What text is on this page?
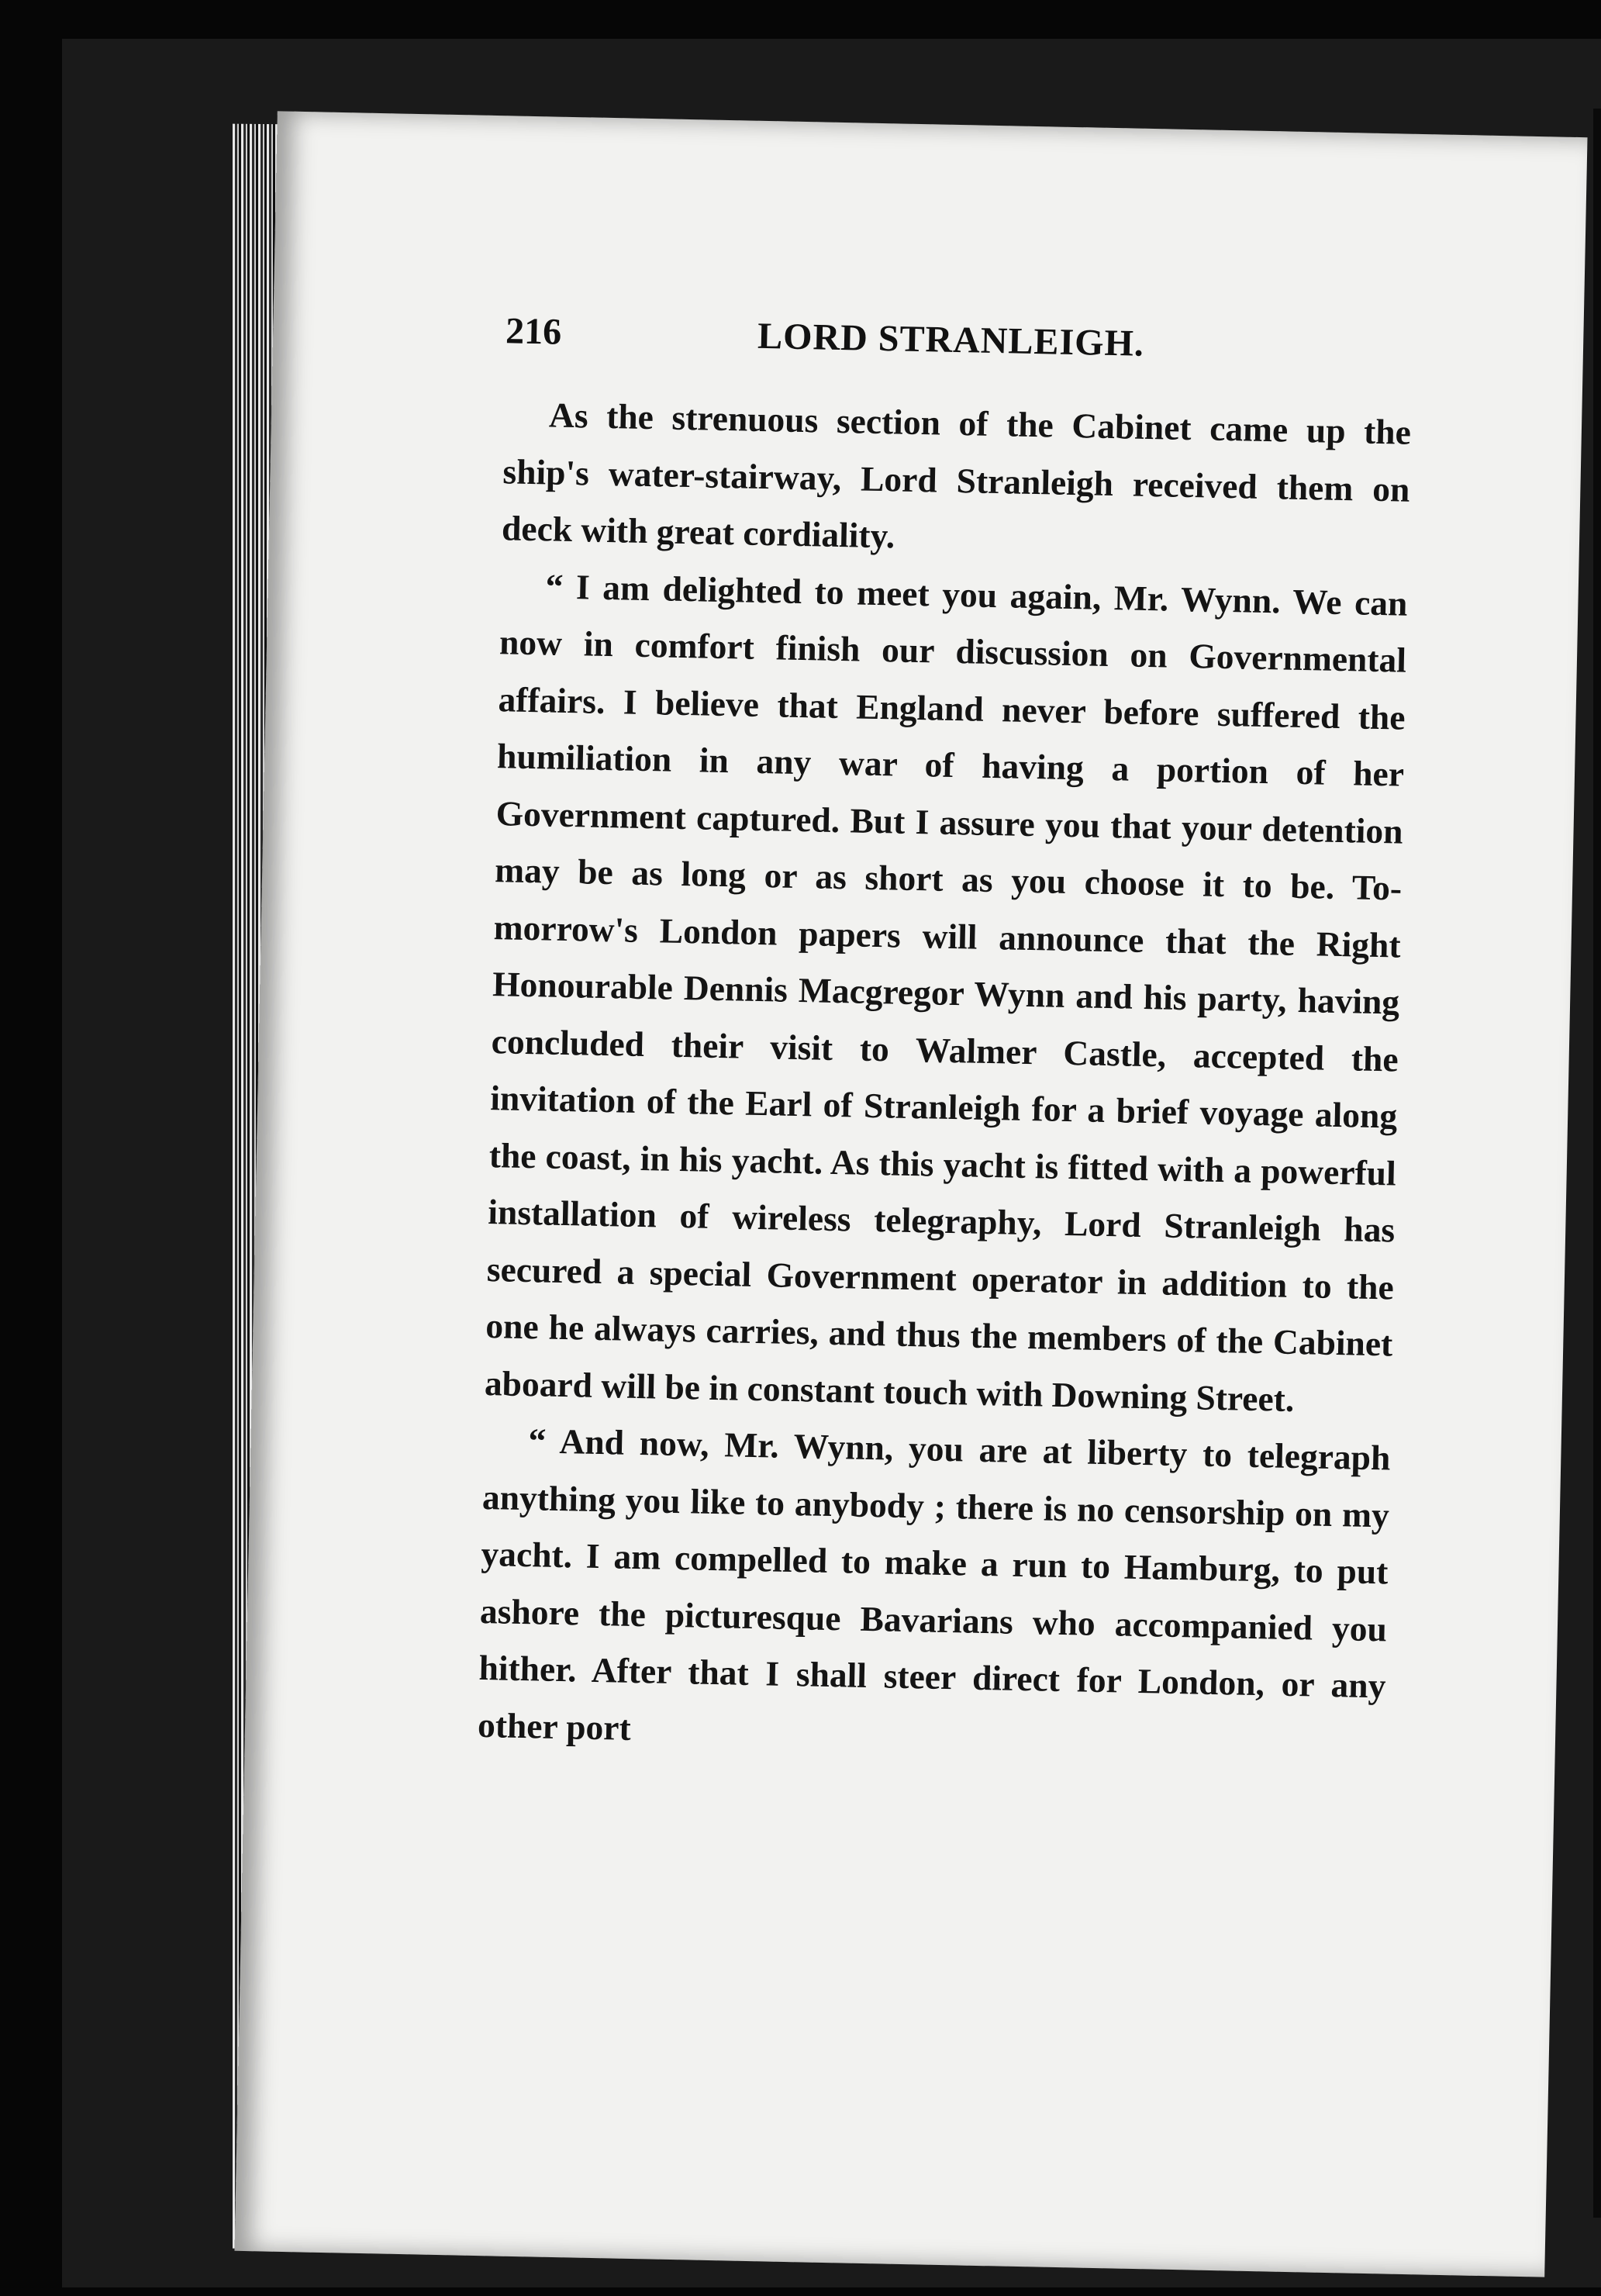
216	LORD STRANLEIGH.

As the strenuous section of the Cabinet came up the ship's water-stairway, Lord Stranleigh received them on deck with great cordiality.

“ I am delighted to meet you again, Mr. Wynn. We can now in comfort finish our discussion on Governmental affairs. I believe that England never before suffered the humiliation in any war of having a portion of her Government captured. But I assure you that your detention may be as long or as short as you choose it to be. To-morrow's London papers will announce that the Right Honourable Dennis Macgregor Wynn and his party, having concluded their visit to Walmer Castle, accepted the invitation of the Earl of Stranleigh for a brief voyage along the coast, in his yacht. As this yacht is fitted with a powerful installation of wireless telegraphy, Lord Stranleigh has secured a special Government operator in addition to the one he always carries, and thus the members of the Cabinet aboard will be in constant touch with Downing Street.

“ And now, Mr. Wynn, you are at liberty to telegraph anything you like to anybody ; there is no censorship on my yacht. I am compelled to make a run to Hamburg, to put ashore the picturesque Bavarians who accompanied you hither. After that I shall steer direct for London, or any other port
